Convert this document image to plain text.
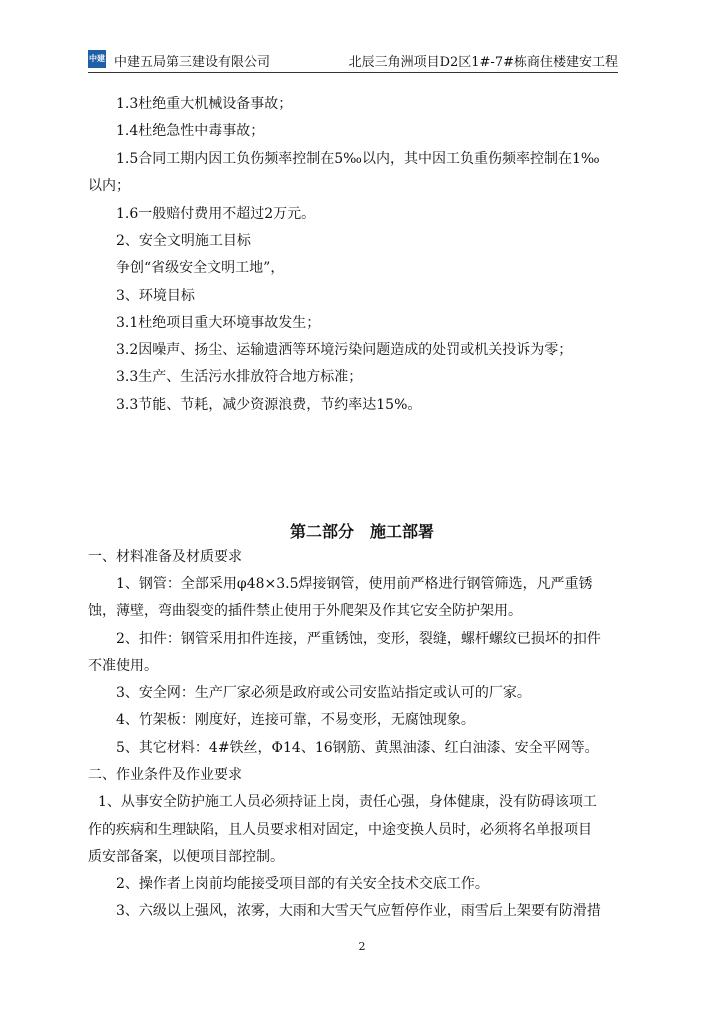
中建 中建五局第三建设有限公司	北辰三角洲项目D2区1#-7#栋商住楼建安工程
1.3杜绝重大机械设备事故；
1.4杜绝急性中毒事故；
1.5合同工期内因工负伤频率控制在5‰以内，其中因工负重伤频率控制在1‰
以内；
1.6一般赔付费用不超过2万元。
2、安全文明施工目标
争创“省级安全文明工地”，
3、环境目标
3.1杜绝项目重大环境事故发生；
3.2因噪声、扬尘、运输遗洒等环境污染问题造成的处罚或机关投诉为零；
3.3生产、生活污水排放符合地方标准；
3.3节能、节耗，减少资源浪费，节约率达15%。
第二部分　施工部署
一、材料准备及材质要求
1、钢管：全部采用φ48×3.5焊接钢管，使用前严格进行钢管筛选，凡严重锈
蚀，薄壁，弯曲裂变的插件禁止使用于外爬架及作其它安全防护架用。
2、扣件：钢管采用扣件连接，严重锈蚀，变形，裂缝，螺杆螺纹已损坏的扣件
不准使用。
3、安全网：生产厂家必须是政府或公司安监站指定或认可的厂家。
4、竹架板：刚度好，连接可靠，不易变形，无腐蚀现象。
5、其它材料：4#铁丝，Φ14、16钢筋、黄黑油漆、红白油漆、安全平网等。
二、作业条件及作业要求
1、从事安全防护施工人员必须持证上岗，责任心强，身体健康，没有防碍该项工
作的疾病和生理缺陷，且人员要求相对固定，中途变换人员时，必须将名单报项目
质安部备案，以便项目部控制。
2、操作者上岗前均能接受项目部的有关安全技术交底工作。
3、六级以上强风，浓雾，大雨和大雪天气应暂停作业，雨雪后上架要有防滑措
2
